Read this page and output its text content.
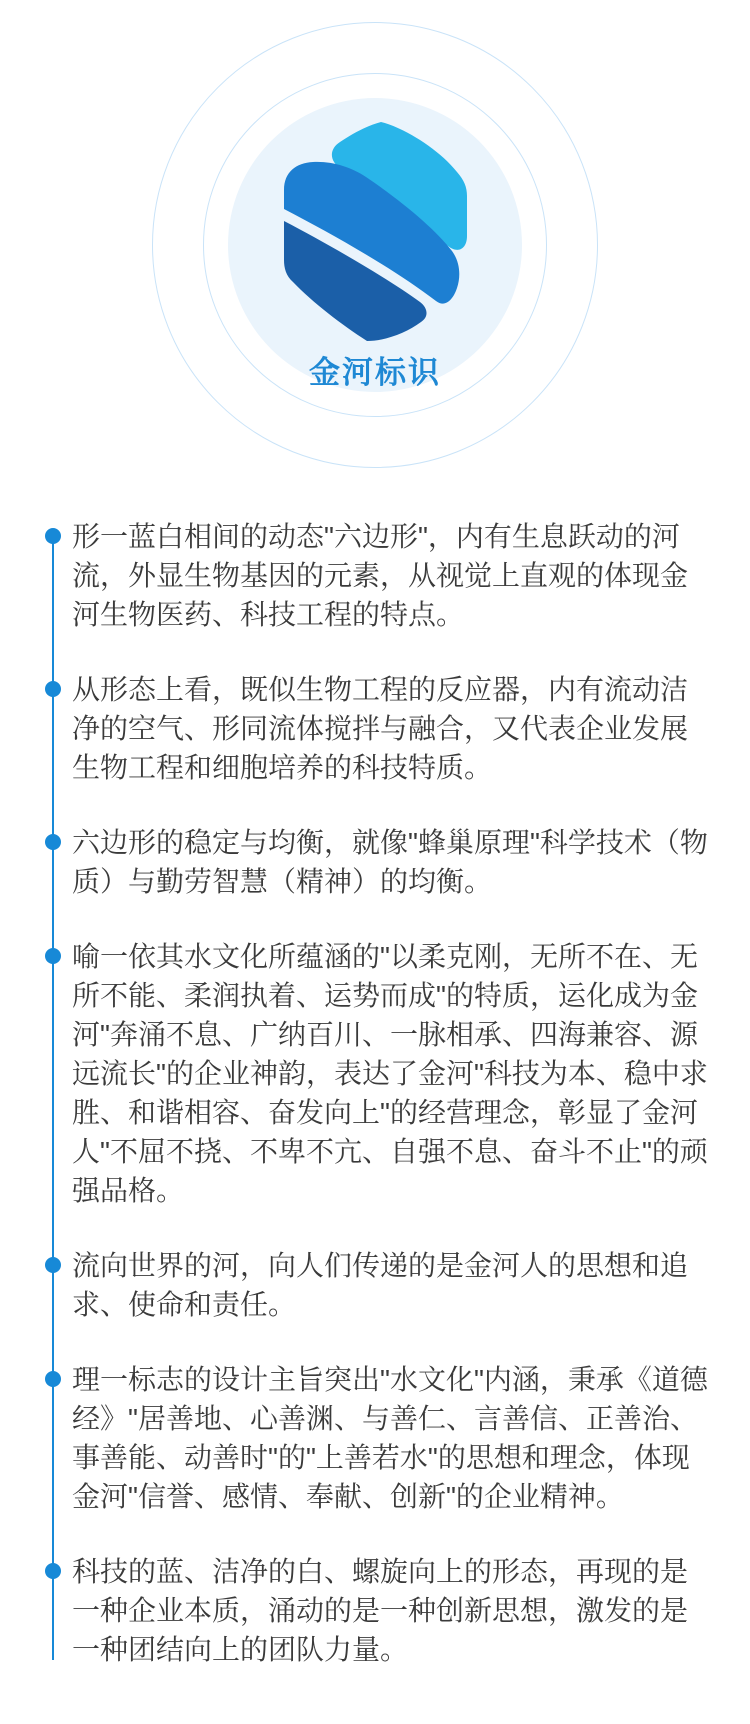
金河标识
形一蓝白相间的动态"六边形"，内有生息跃动的河流，外显生物基因的元素，从视觉上直观的体现金河生物医药、科技工程的特点。
从形态上看，既似生物工程的反应器，内有流动洁净的空气、形同流体搅拌与融合，又代表企业发展生物工程和细胞培养的科技特质。
六边形的稳定与均衡，就像"蜂巢原理"科学技术（物质）与勤劳智慧（精神）的均衡。
喻一依其水文化所蕴涵的"以柔克刚，无所不在、无所不能、柔润执着、运势而成"的特质，运化成为金河"奔涌不息、广纳百川、一脉相承、四海兼容、源远流长"的企业神韵，表达了金河"科技为本、稳中求胜、和谐相容、奋发向上"的经营理念，彰显了金河人"不屈不挠、不卑不亢、自强不息、奋斗不止"的顽强品格。
流向世界的河，向人们传递的是金河人的思想和追求、使命和责任。
理一标志的设计主旨突出"水文化"内涵，秉承《道德经》"居善地、心善渊、与善仁、言善信、正善治、事善能、动善时"的"上善若水"的思想和理念，体现金河"信誉、感情、奉献、创新"的企业精神。
科技的蓝、洁净的白、螺旋向上的形态，再现的是一种企业本质，涌动的是一种创新思想，激发的是一种团结向上的团队力量。
